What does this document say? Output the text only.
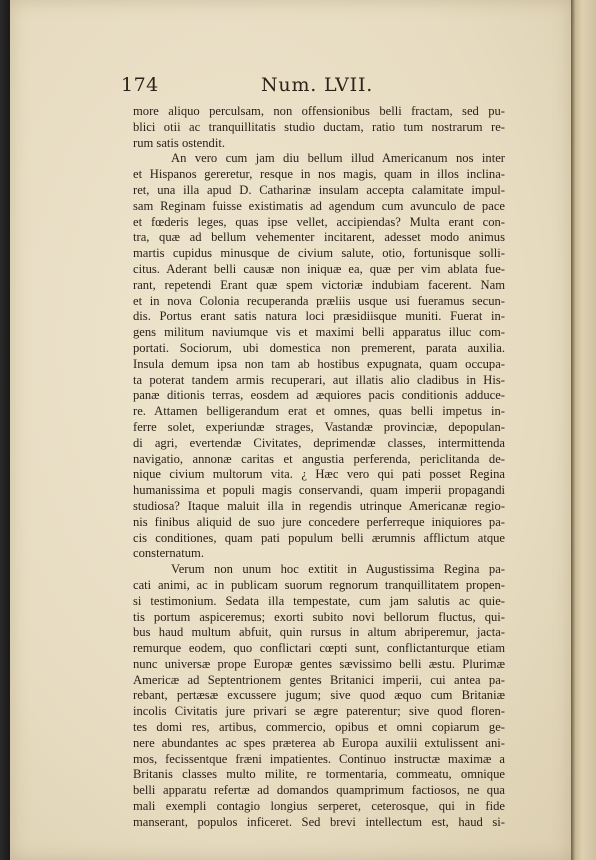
174	Num. LVII.
more aliquo perculsam, non offensionibus belli fractam, sed pu-
blici otii ac tranquillitatis studio ductam, ratio tum nostrarum re-
rum satis ostendit.
An vero cum jam diu bellum illud Americanum nos inter
et Hispanos gereretur, resque in nos magis, quam in illos inclina-
ret, una illa apud D. Catharinæ insulam accepta calamitate impul-
sam Reginam fuisse existimatis ad agendum cum avunculo de pace
et fœderis leges, quas ipse vellet, accipiendas? Multa erant con-
tra, quæ ad bellum vehementer incitarent, adesset modo animus
martis cupidus minusque de civium salute, otio, fortunisque solli-
citus. Aderant belli causæ non iniquæ ea, quæ per vim ablata fue-
rant, repetendi Erant quæ spem victoriæ indubiam facerent. Nam
et in nova Colonia recuperanda præliis usque usi fueramus secun-
dis. Portus erant satis natura loci præsidiisque muniti. Fuerat in-
gens militum naviumque vis et maximi belli apparatus illuc com-
portati. Sociorum, ubi domestica non premerent, parata auxilia.
Insula demum ipsa non tam ab hostibus expugnata, quam occupa-
ta poterat tandem armis recuperari, aut illatis alio cladibus in His-
panæ ditionis terras, eosdem ad æquiores pacis conditionis adduce-
re. Attamen belligerandum erat et omnes, quas belli impetus in-
ferre solet, experiundæ strages, Vastandæ provinciæ, depopulan-
di agri, evertendæ Civitates, deprimendæ classes, intermittenda
navigatio, annonæ caritas et angustia perferenda, periclitanda de-
nique civium multorum vita. ¿ Hæc vero qui pati posset Regina
humanissima et populi magis conservandi, quam imperii propagandi
studiosa? Itaque maluit illa in regendis utrinque Americanæ regio-
nis finibus aliquid de suo jure concedere perferreque iniquiores pa-
cis conditiones, quam pati populum belli ærumnis afflictum atque
consternatum.
Verum non unum hoc extitit in Augustissima Regina pa-
cati animi, ac in publicam suorum regnorum tranquillitatem propen-
si testimonium. Sedata illa tempestate, cum jam salutis ac quie-
tis portum aspiceremus; exorti subito novi bellorum fluctus, qui-
bus haud multum abfuit, quin rursus in altum abriperemur, jacta-
remurque eodem, quo conflictari cœpti sunt, conflictanturque etiam
nunc universæ prope Europæ gentes sævissimo belli æstu. Plurimæ
Americæ ad Septentrionem gentes Britanici imperii, cui antea pa-
rebant, pertæsæ excussere jugum; sive quod æquo cum Britaniæ
incolis Civitatis jure privari se ægre paterentur; sive quod floren-
tes domi res, artibus, commercio, opibus et omni copiarum ge-
nere abundantes ac spes præterea ab Europa auxilii extulissent ani-
mos, fecissentque fræni impatientes. Continuo instructæ maximæ a
Britanis classes multo milite, re tormentaria, commeatu, omnique
belli apparatu refertæ ad domandos quamprimum factiosos, ne qua
mali exempli contagio longius serperet, ceterosque, qui in fide
manserant, populos inficeret. Sed brevi intellectum est, haud si-
